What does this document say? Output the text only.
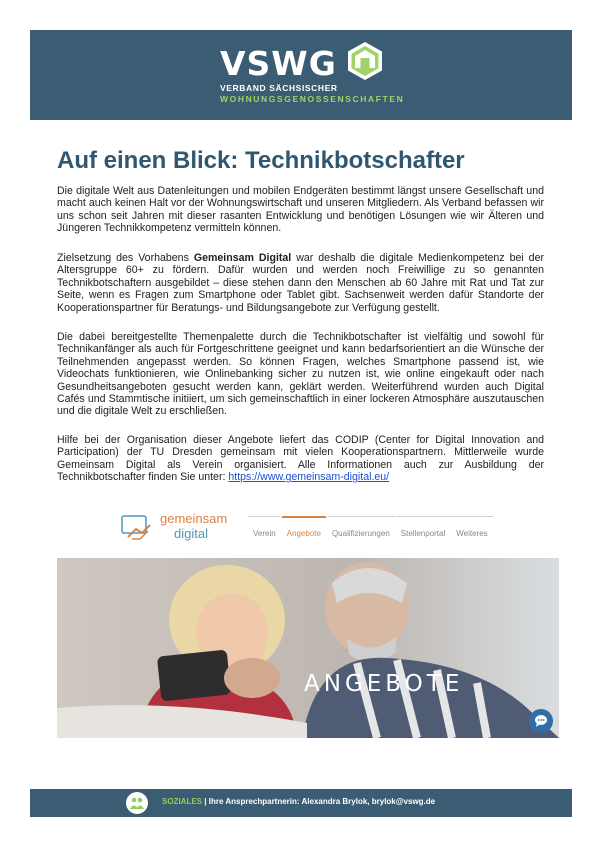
VSWG
VERBAND SÄCHSISCHER
WOHNUNGSGENOSSENSCHAFTEN
Auf einen Blick: Technikbotschafter

Die digitale Welt aus Datenleitungen und mobilen Endgeräten bestimmt längst unsere Gesellschaft und macht auch keinen Halt vor der Wohnungswirtschaft und unseren Mitgliedern. Als Verband befassen wir uns schon seit Jahren mit dieser rasanten Entwicklung und benötigen Lösungen wie wir Älteren und Jüngeren Technikkompetenz vermitteln können.

Zielsetzung des Vorhabens Gemeinsam Digital war deshalb die digitale Medienkompetenz bei der Altersgruppe 60+ zu fördern. Dafür wurden und werden noch Freiwillige zu so genannten Technikbotschaftern ausgebildet – diese stehen dann den Menschen ab 60 Jahre mit Rat und Tat zur Seite, wenn es Fragen zum Smartphone oder Tablet gibt. Sachsenweit werden dafür Standorte der Kooperationspartner für Beratungs- und Bildungsangebote zur Verfügung gestellt.

Die dabei bereitgestellte Themenpalette durch die Technikbotschafter ist vielfältig und sowohl für Technikanfänger als auch für Fortgeschrittene geeignet und kann bedarfsorientiert an die Wünsche der Teilnehmenden angepasst werden. So können Fragen, welches Smartphone passend ist, wie Videochats funktionieren, wie Onlinebanking sicher zu nutzen ist, wie online eingekauft oder nach Gesundheitsangeboten gesucht werden kann, geklärt werden. Weiterführend wurden auch Digital Cafés und Stammtische initiiert, um sich gemeinschaftlich in einer lockeren Atmosphäre auszutauschen und die digitale Welt zu erschließen.

Hilfe bei der Organisation dieser Angebote liefert das CODIP (Center for Digital Innovation and Participation) der TU Dresden gemeinsam mit vielen Kooperationspartnern. Mittlerweile wurde Gemeinsam Digital als Verein organisiert. Alle Informationen auch zur Ausbildung der Technikbotschafter finden Sie unter: https://www.gemeinsam-digital.eu/

gemeinsam
digital	Verein	Angebote	Qualifizierungen	Stellenportal	Weiteres
ANGEBOTE
SOZIALES | Ihre Ansprechpartnerin: Alexandra Brylok, brylok@vswg.de
